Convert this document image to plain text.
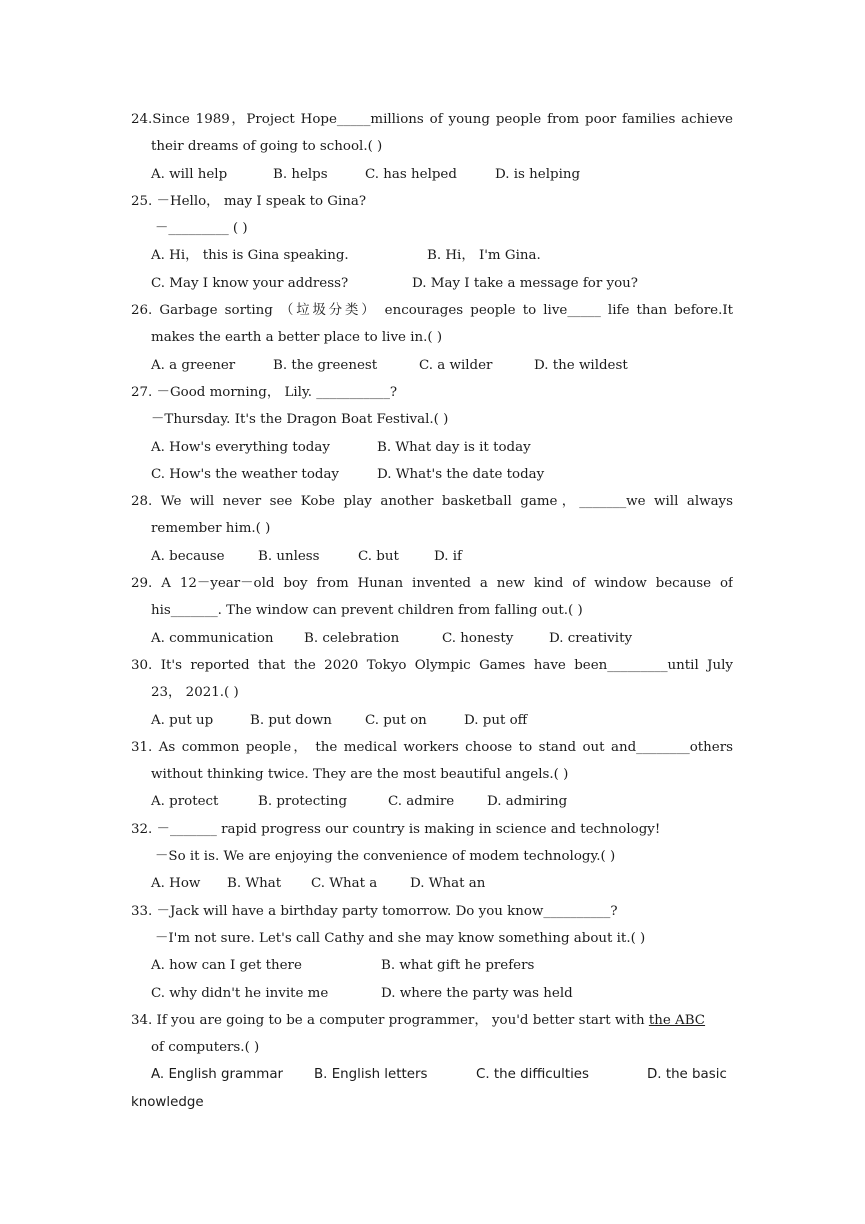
24.Since 1989，Project Hope_____millions of young people from poor families achieve
their dreams of going to school.( )
A. will help	B. helps	C. has helped	D. is helping
25. －Hello， may I speak to Gina?
－_________ ( )
A. Hi， this is Gina speaking.	B. Hi， I'm Gina.
C. May I know your address?	D. May I take a message for you?
26. Garbage sorting （垃圾分类） encourages people to live_____ life than before.It
makes the earth a better place to live in.( )
A. a greener	B. the greenest	C. a wilder	D. the wildest
27. －Good morning， Lily. ___________?
－Thursday. It's the Dragon Boat Festival.( )
A. How's everything today	B. What day is it today
C. How's the weather today	D. What's the date today
28. We will never see Kobe play another basketball game，_______we will always
remember him.( )
A. because B. unless	C. but	D. if
29. A 12－year－old boy from Hunan invented a new kind of window because of
his_______. The window can prevent children from falling out.( )
A. communication B. celebration	C. honesty	D. creativity
30. It's reported that the 2020 Tokyo Olympic Games have been_________until July
23， 2021.( )
A. put up	B. put down C. put on	D. put off
31. As common people， the medical workers choose to stand out and________others
without thinking twice. They are the most beautiful angels.( )
A. protect	B. protecting	C. admire D. admiring
32. －_______ rapid progress our country is making in science and technology!
－So it is. We are enjoying the convenience of modem technology.( )
A. How B. What C. What a D. What an
33. －Jack will have a birthday party tomorrow. Do you know__________?
－I'm not sure. Let's call Cathy and she may know something about it.( )
A. how can I get there	B. what gift he prefers
C. why didn't he invite me	D. where the party was held
34. If you are going to be a computer programmer， you'd better start with the ABC
of computers.( )
A. English grammar B. English letters	C. the difficulties	D. the basic
knowledge
